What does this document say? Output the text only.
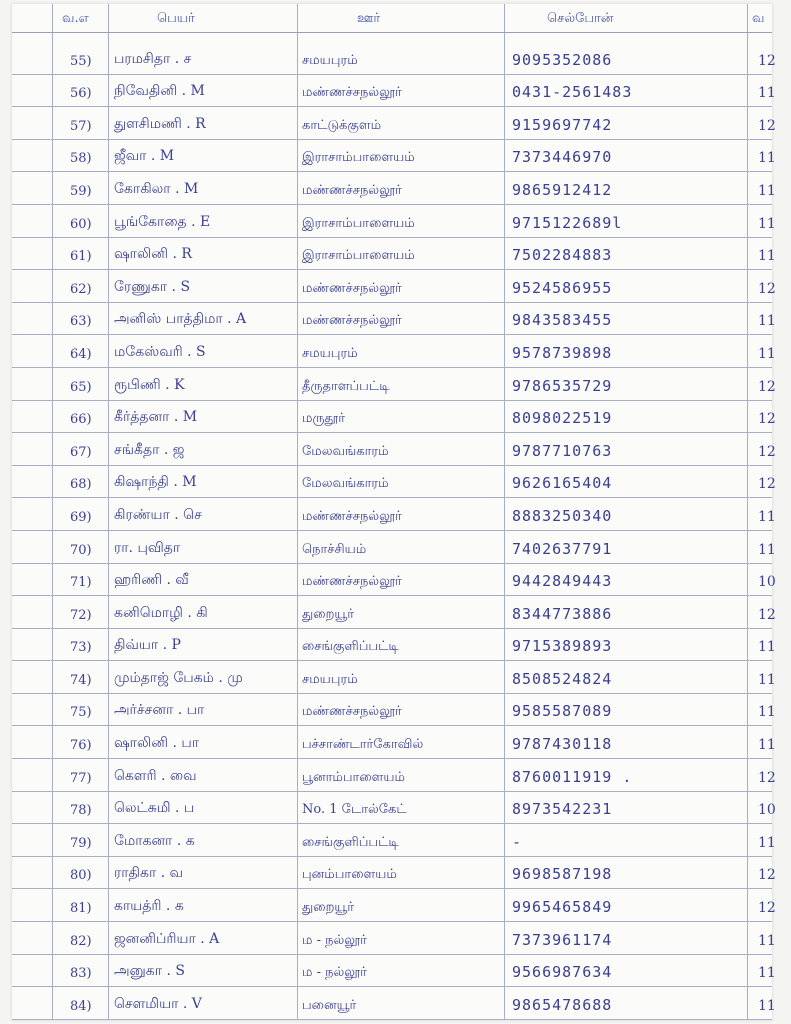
வ.எ	பெயர்	ஊர்	செல்போன்	வ
55) பரமசிதா . ச	சமயபுரம்	9095352086	12
56) நிவேதினி . M	மண்ணச்சநல்லூர்	0431-2561483	11
57) துளசிமணி . R	காட்டுக்குளம்	9159697742	12
58) ஜீவா . M	இராசாம்பாளையம்	7373446970	11
59) கோகிலா . M	மண்ணச்சநல்லூர்	9865912412	11
60) பூங்கோதை . E	இராசாம்பாளையம்	9715122689l	11
61) ஷாலினி . R	இராசாம்பாளையம்	7502284883	11
62) ரேணுகா . S	மண்ணச்சநல்லூர்	9524586955	12
63) அனிஸ் பாத்திமா . A	மண்ணச்சநல்லூர்	9843583455	11
64) மகேஸ்வரி . S	சமயபுரம்	9578739898	11
65) ரூபிணி . K	தீருதாளப்பட்டி	9786535729	12
66) கீர்த்தனா . M	மருதூர்	8098022519	12
67) சங்கீதா . ஜ	மேலவங்காரம்	9787710763	12
68) கிஷாந்தி . M	மேலவங்காரம்	9626165404	12
69) கிரண்யா . செ	மண்ணச்சநல்லூர்	8883250340	11
70) ரா. புவிதா	நொச்சியம்	7402637791	11
71) ஹரிணி . வீ	மண்ணச்சநல்லூர்	9442849443	10
72) கனிமொழி . கி	துறையூர்	8344773886	12
73) திவ்யா . P	சைங்குளிப்பட்டி	9715389893	11
74) மும்தாஜ் பேகம் . மு	சமயபுரம்	8508524824	11
75) அர்ச்சனா . பா	மண்ணச்சநல்லூர்	9585587089	11
76) ஷாலினி . பா	பச்சாண்டார்கோவில்	9787430118	11
77) கௌரி . வை	பூனாம்பாளையம்	8760011919 .	12
78) லெட்சுமி . ப	No. 1 டோல்கேட்	8973542231	10
79) மோகனா . க	சைங்குளிப்பட்டி	-	11
80) ராதிகா . வ	புனம்பாளையம்	9698587198	12
81) காயத்ரி . க	துறையூர்	9965465849	12
82) ஜனனிப்ரியா . A	ம - நல்லூர்	7373961174	11
83) அனுகா . S	ம - நல்லூர்	9566987634	11
84) சௌமியா . V	பனையூர்	9865478688	11
